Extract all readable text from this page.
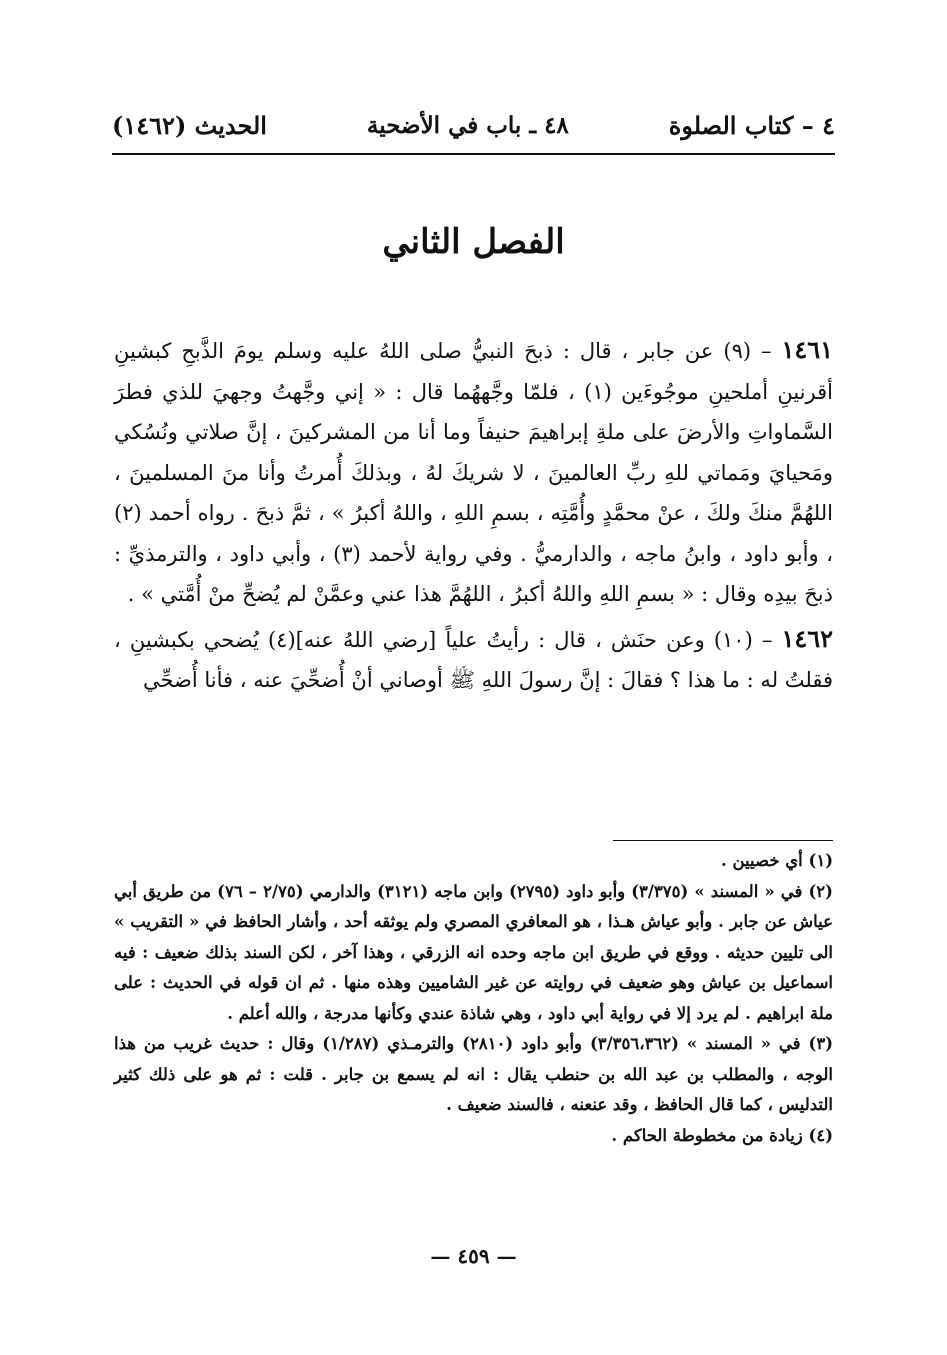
٤ – كتاب الصلوة
٤٨ ـ باب في الأضحية
الحديث (١٤٦٢)
الفصل الثاني

١٤٦١ – (٩) عن جابر ، قال : ذبحَ النبيُّ صلى اللهُ عليه وسلم يومَ الذَّبحِ كبشينِ أقرنينِ أملحينِ موجُوءَين (١) ، فلمّا وجَّههُما قال : « إني وجَّهتُ وجهيَ للذي فطرَ السَّماواتِ والأرضَ على ملةِ إبراهيمَ حنيفاً وما أنا من المشركينَ ، إنَّ صلاتي ونُسُكي ومَحيايَ ومَماتي للهِ ربِّ العالمينَ ، لا شريكَ لهُ ، وبذلكَ أُمرتُ وأنا منَ المسلمينَ ، اللهُمَّ منكَ ولكَ ، عنْ محمَّدٍ وأُمَّتِه ، بسمِ اللهِ ، واللهُ أكبرُ » ، ثمَّ ذبحَ . رواه أحمد (٢) ، وأبو داود ، وابنُ ماجه ، والدارميُّ . وفي رواية لأحمد (٣) ، وأبي داود ، والترمذيِّ : ذبحَ بيدِه وقال : « بسمِ اللهِ واللهُ أكبرُ ، اللهُمَّ هذا عني وعمَّنْ لم يُضحِّ منْ أُمَّتي » .

١٤٦٢ – (١٠) وعن حنَش ، قال : رأيتُ علياً [رضي اللهُ عنه](٤) يُضحي بكبشينِ ، فقلتُ له : ما هذا ؟ فقالَ : إنَّ رسولَ اللهِ ﷺ أوصاني أنْ أُضحِّيَ عنه ، فأنا أُضحِّي

(١) أي خصيين .

(٢) في « المسند » (٣/٣٧٥) وأبو داود (٢٧٩٥) وابن ماجه (٣١٢١) والدارمي (٢/٧٥ – ٧٦) من طريق أبي عياش عن جابر . وأبو عياش هـذا ، هو المعافري المصري ولم يوثقه أحد ، وأشار الحافظ في « التقريب » الى تليين حديثه . ووقع في طريق ابن ماجه وحده انه الزرقي ، وهذا آخر ، لكن السند بذلك ضعيف : فيه اسماعيل بن عياش وهو ضعيف في روايته عن غير الشاميين وهذه منها . ثم ان قوله في الحديث : على ملة ابراهيم . لم يرد إلا في رواية أبي داود ، وهي شاذة عندي وكأنها مدرجة ، والله أعلم .

(٣) في « المسند » (٣/٣٥٦،٣٦٢) وأبو داود (٢٨١٠) والترمـذي (١/٢٨٧) وقال : حديث غريب من هذا الوجه ، والمطلب بن عبد الله بن حنطب يقال : انه لم يسمع بن جابر . قلت : ثم هو على ذلك كثير التدليس ، كما قال الحافظ ، وقد عنعنه ، فالسند ضعيف .

(٤) زيادة من مخطوطة الحاكم .

— ٤٥٩ —
